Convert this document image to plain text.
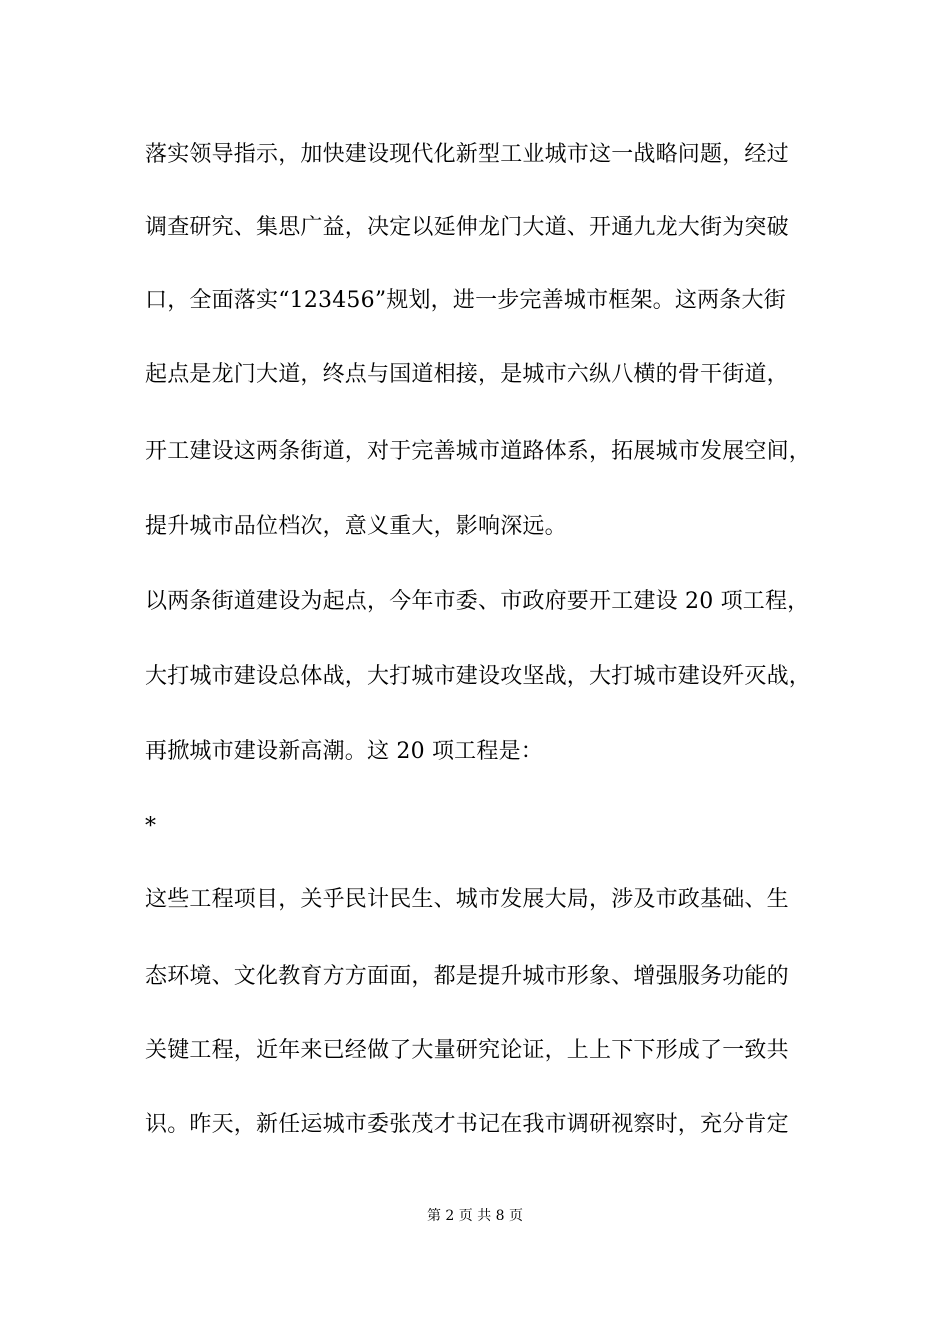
落实领导指示，加快建设现代化新型工业城市这一战略问题，经过
调查研究、集思广益，决定以延伸龙门大道、开通九龙大街为突破
口，全面落实“123456”规划，进一步完善城市框架。这两条大街
起点是龙门大道，终点与国道相接，是城市六纵八横的骨干街道，
开工建设这两条街道，对于完善城市道路体系，拓展城市发展空间，
提升城市品位档次，意义重大，影响深远。
以两条街道建设为起点，今年市委、市政府要开工建设 20 项工程，
大打城市建设总体战，大打城市建设攻坚战，大打城市建设歼灭战，
再掀城市建设新高潮。这 20 项工程是：
*
这些工程项目，关乎民计民生、城市发展大局，涉及市政基础、生
态环境、文化教育方方面面，都是提升城市形象、增强服务功能的
关键工程，近年来已经做了大量研究论证，上上下下形成了一致共
识。昨天，新任运城市委张茂才书记在我市调研视察时，充分肯定
第 2 页 共 8 页
